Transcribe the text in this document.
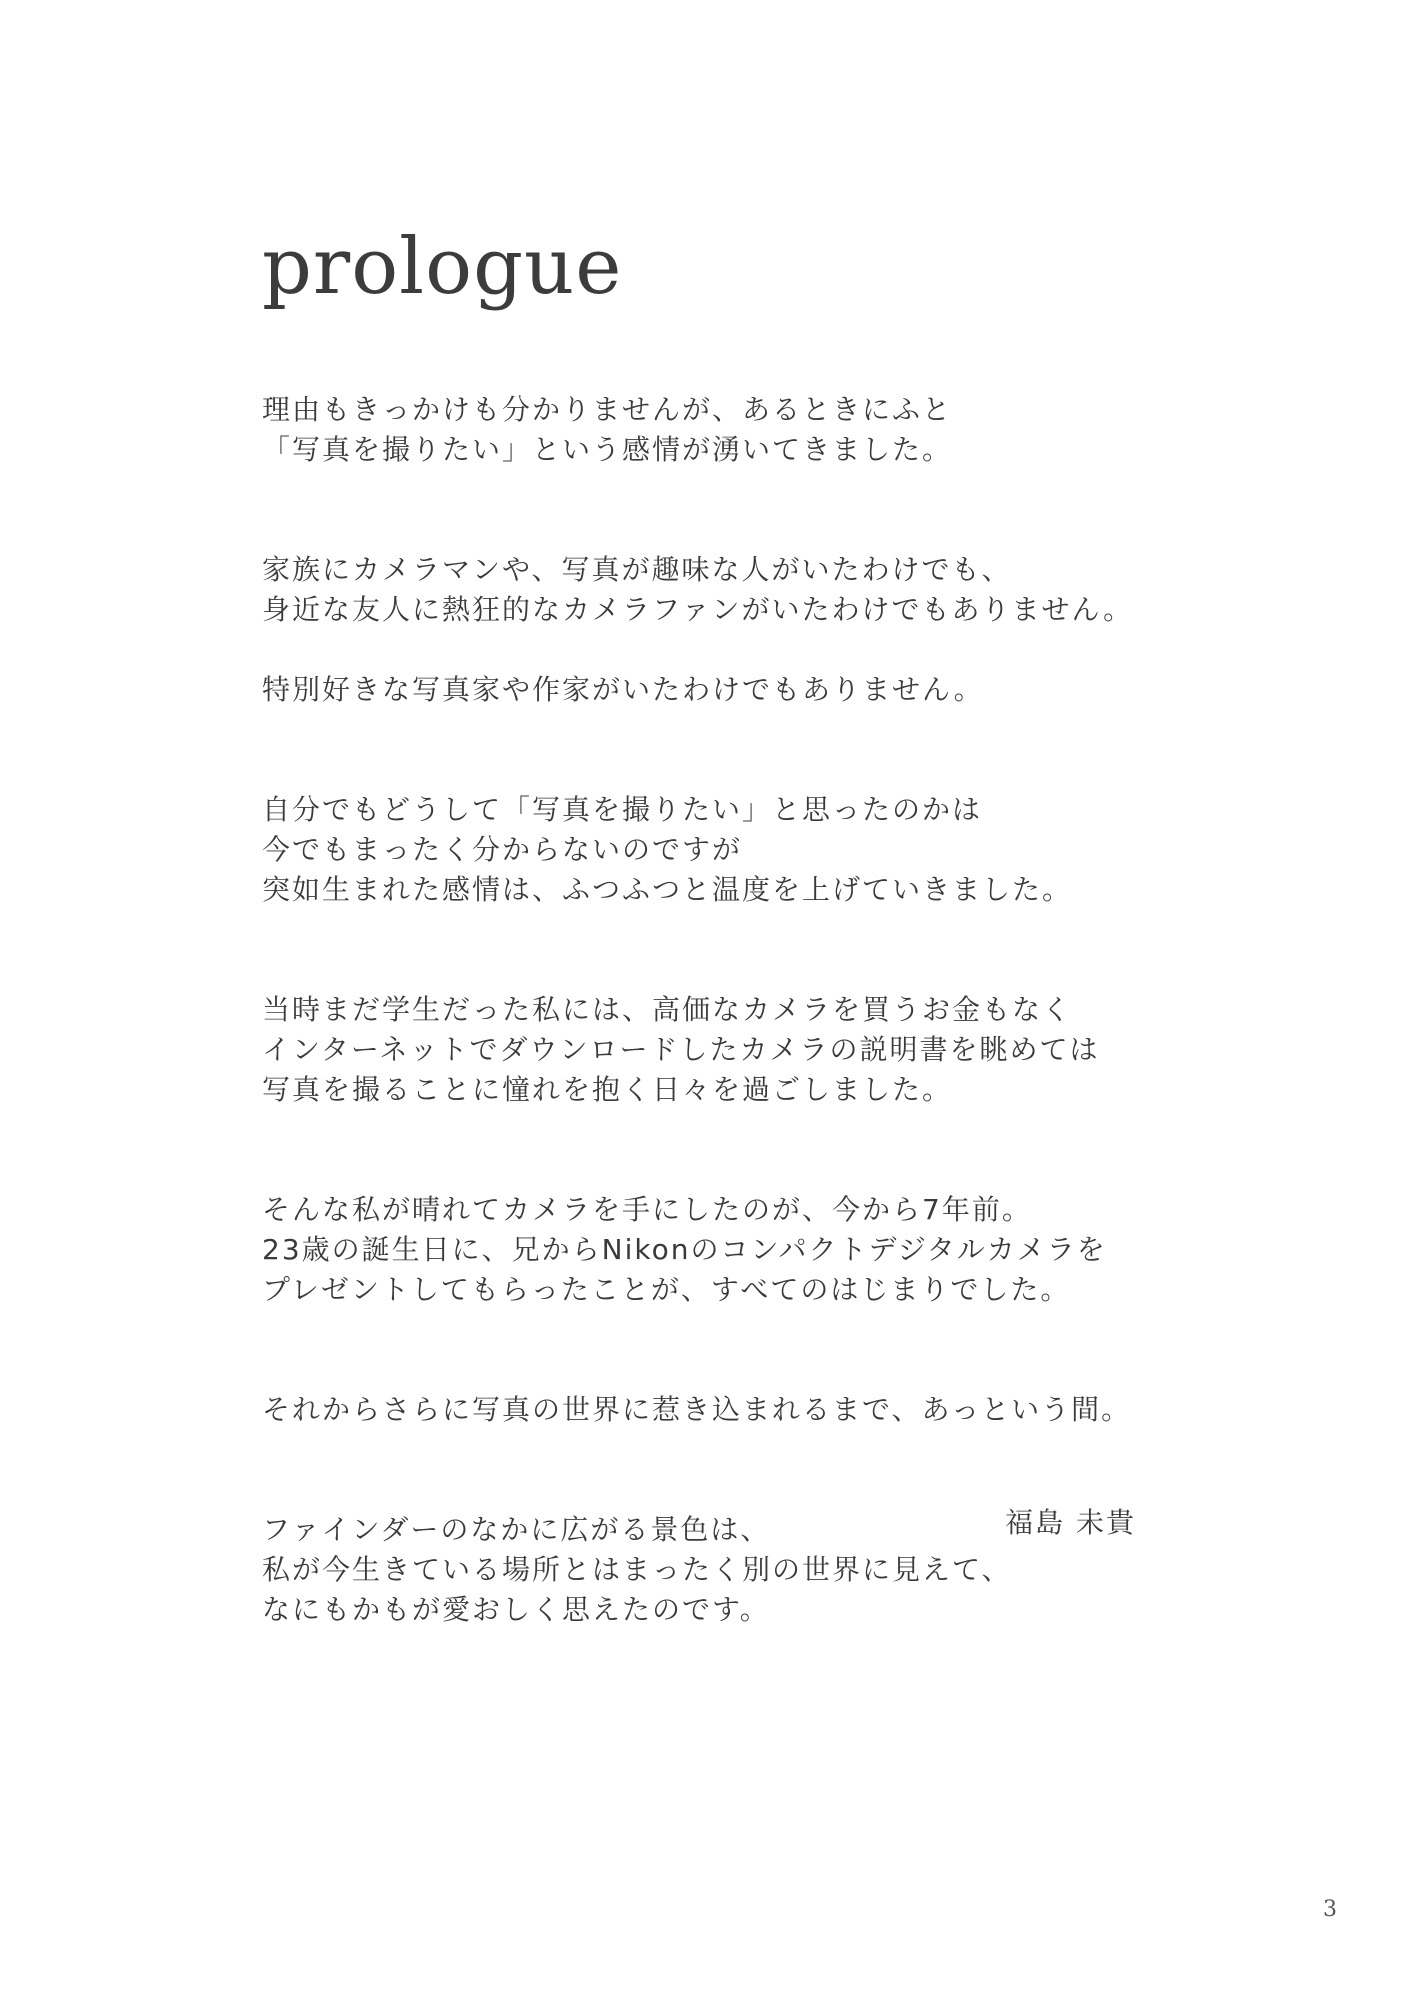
prologue

理由もきっかけも分かりませんが、あるときにふと
「写真を撮りたい」という感情が湧いてきました。

家族にカメラマンや、写真が趣味な人がいたわけでも、
身近な友人に熱狂的なカメラファンがいたわけでもありません。

特別好きな写真家や作家がいたわけでもありません。

自分でもどうして「写真を撮りたい」と思ったのかは
今でもまったく分からないのですが
突如生まれた感情は、ふつふつと温度を上げていきました。

当時まだ学生だった私には、高価なカメラを買うお金もなく
インターネットでダウンロードしたカメラの説明書を眺めては
写真を撮ることに憧れを抱く日々を過ごしました。

そんな私が晴れてカメラを手にしたのが、今から7年前。
23歳の誕生日に、兄からNikonのコンパクトデジタルカメラを
プレゼントしてもらったことが、すべてのはじまりでした。

それからさらに写真の世界に惹き込まれるまで、あっという間。

ファインダーのなかに広がる景色は、
私が今生きている場所とはまったく別の世界に見えて、
なにもかもが愛おしく思えたのです。

福島 未貴
3
